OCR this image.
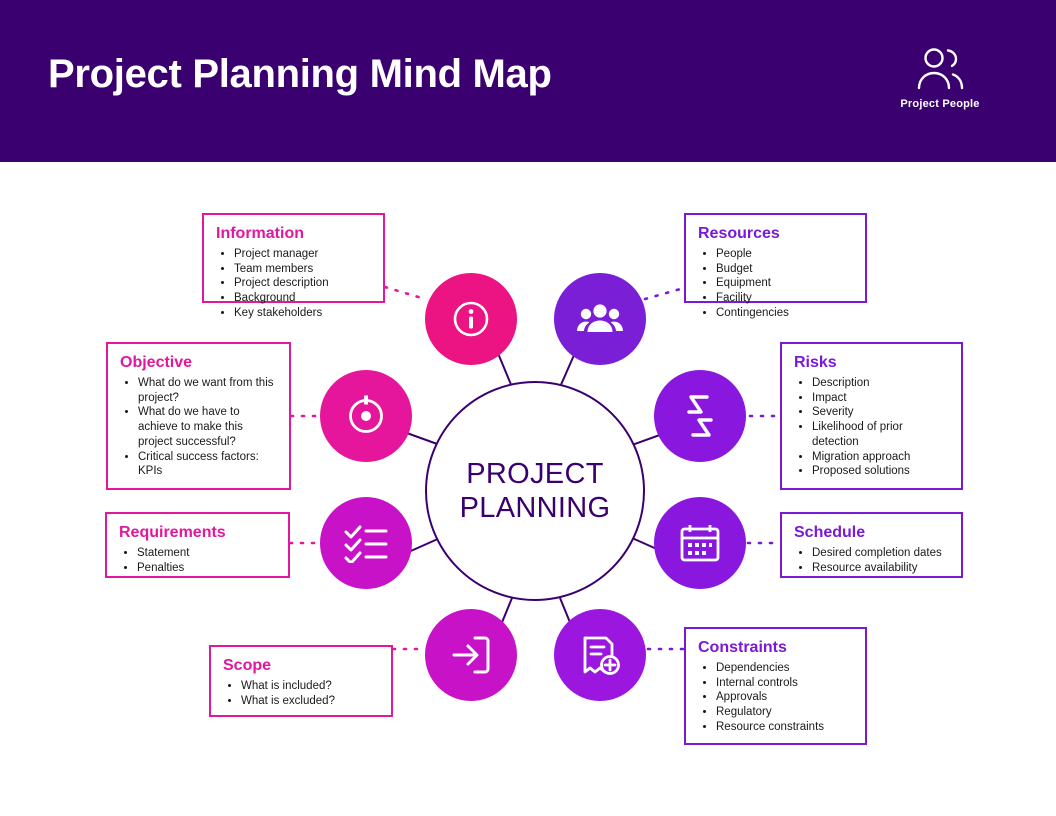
Project Planning Mind Map
Project People
PROJECT
PLANNING
Information
• Project manager
• Team members
• Project description
• Background
• Key stakeholders
Resources
• People
• Budget
• Equipment
• Facility
• Contingencies
Objective
• What do we want from this project?
• What do we have to achieve to make this project successful?
• Critical success factors: KPIs
Risks
• Description
• Impact
• Severity
• Likelihood of prior detection
• Migration approach
• Proposed solutions
Requirements
• Statement
• Penalties
Schedule
• Desired completion dates
• Resource availability
Scope
• What is included?
• What is excluded?
Constraints
• Dependencies
• Internal controls
• Approvals
• Regulatory
• Resource constraints
